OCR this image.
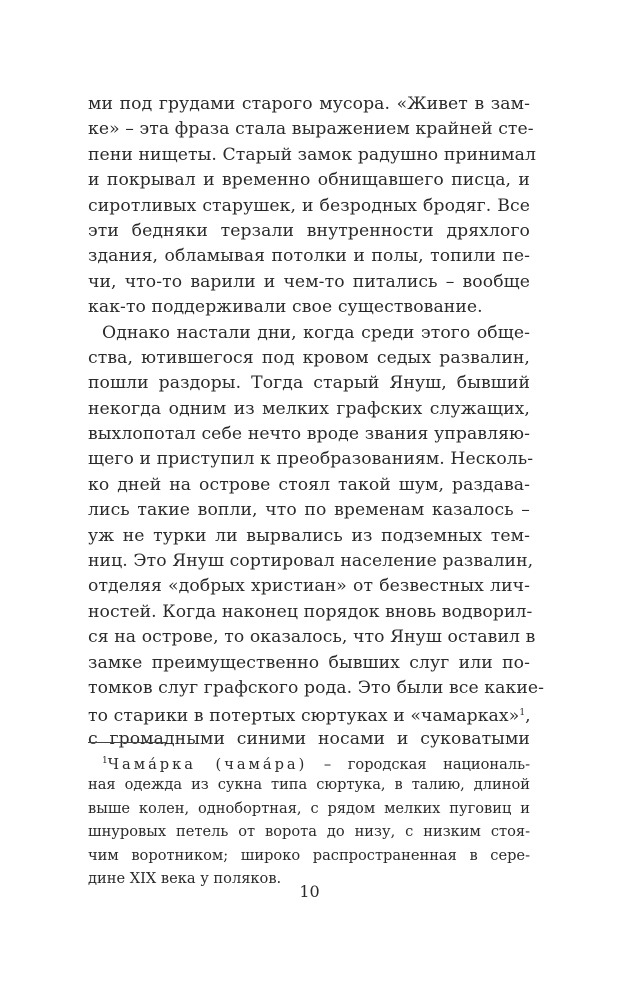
ми под грудами старого мусора. «Живет в зам-
ке» – эта фраза стала выражением крайней сте-
пени нищеты. Старый замок радушно принимал
и покрывал и временно обнищавшего писца, и
сиротливых старушек, и безродных бродяг. Все
эти бедняки терзали внутренности дряхлого
здания, обламывая потолки и полы, топили пе-
чи, что-то варили и чем-то питались – вообще
как-то поддерживали свое существование.
Однако настали дни, когда среди этого обще-
ства, ютившегося под кровом седых развалин,
пошли раздоры. Тогда старый Януш, бывший
некогда одним из мелких графских служащих,
выхлопотал себе нечто вроде звания управляю-
щего и приступил к преобразованиям. Несколь-
ко дней на острове стоял такой шум, раздава-
лись такие вопли, что по временам казалось –
уж не турки ли вырвались из подземных тем-
ниц. Это Януш сортировал население развалин,
отделяя «добрых христиан» от безвестных лич-
ностей. Когда наконец порядок вновь водворил-
ся на острове, то оказалось, что Януш оставил в
замке преимущественно бывших слуг или по-
томков слуг графского рода. Это были все какие-
то старики в потертых сюртуках и «чамарках»$^1$,
с громадными синими носами и суковатыми
$^1$Чама́рка (чама́ра) – городская националь-
ная одежда из сукна типа сюртука, в талию, длиной
выше колен, однобортная, с рядом мелких пуговиц и
шнуровых петель от ворота до низу, с низким стоя-
чим воротником; широко распространенная в сере-
дине XIX века у поляков.
10
